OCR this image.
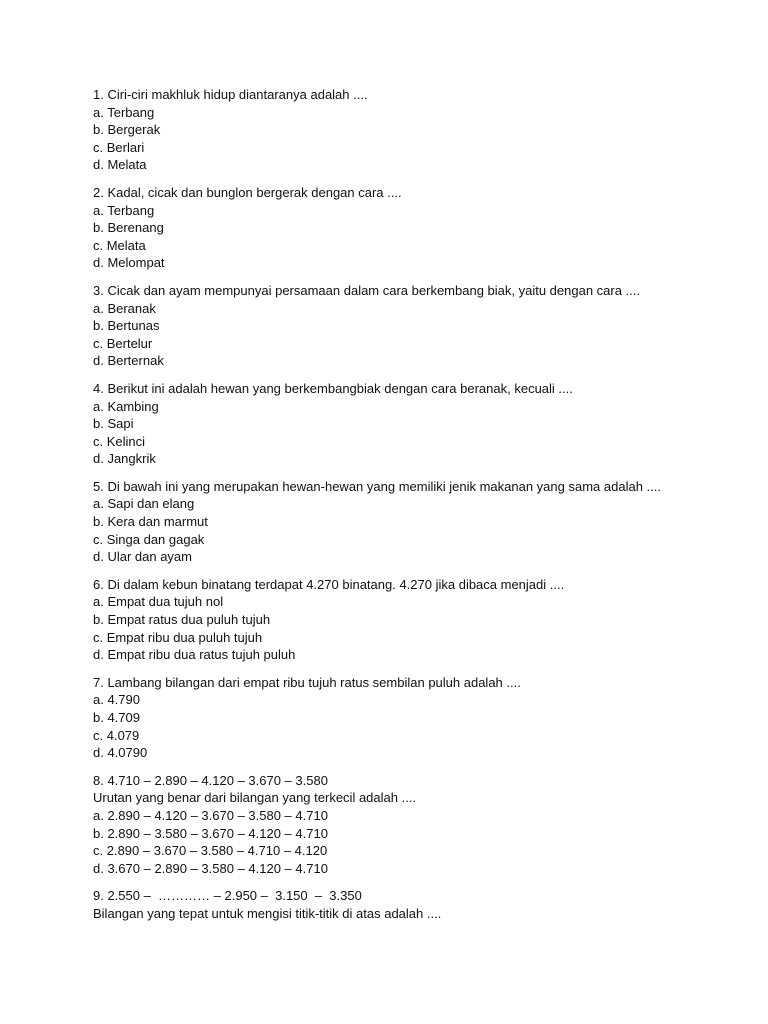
1. Ciri-ciri makhluk hidup diantaranya adalah ....
a. Terbang
b. Bergerak
c. Berlari
d. Melata
2. Kadal, cicak dan bunglon bergerak dengan cara ....
a. Terbang
b. Berenang
c. Melata
d. Melompat
3. Cicak dan ayam mempunyai persamaan dalam cara berkembang biak, yaitu dengan cara ....
a. Beranak
b. Bertunas
c. Bertelur
d. Berternak
4. Berikut ini adalah hewan yang berkembangbiak dengan cara beranak, kecuali ....
a. Kambing
b. Sapi
c. Kelinci
d. Jangkrik
5. Di bawah ini yang merupakan hewan-hewan yang memiliki jenik makanan yang sama adalah ....
a. Sapi dan elang
b. Kera dan marmut
c. Singa dan gagak
d. Ular dan ayam
6. Di dalam kebun binatang terdapat 4.270 binatang. 4.270 jika dibaca menjadi ....
a. Empat dua tujuh nol
b. Empat ratus dua puluh tujuh
c. Empat ribu dua puluh tujuh
d. Empat ribu dua ratus tujuh puluh
7. Lambang bilangan dari empat ribu tujuh ratus sembilan puluh adalah ....
a. 4.790
b. 4.709
c. 4.079
d. 4.0790
8. 4.710 – 2.890 – 4.120 – 3.670 – 3.580
Urutan yang benar dari bilangan yang terkecil adalah ....
a. 2.890 – 4.120 – 3.670 – 3.580 – 4.710
b. 2.890 – 3.580 – 3.670 – 4.120 – 4.710
c. 2.890 – 3.670 – 3.580 – 4.710 – 4.120
d. 3.670 – 2.890 – 3.580 – 4.120 – 4.710
9. 2.550 –  ………… – 2.950 –  3.150  –  3.350
Bilangan yang tepat untuk mengisi titik-titik di atas adalah ....
